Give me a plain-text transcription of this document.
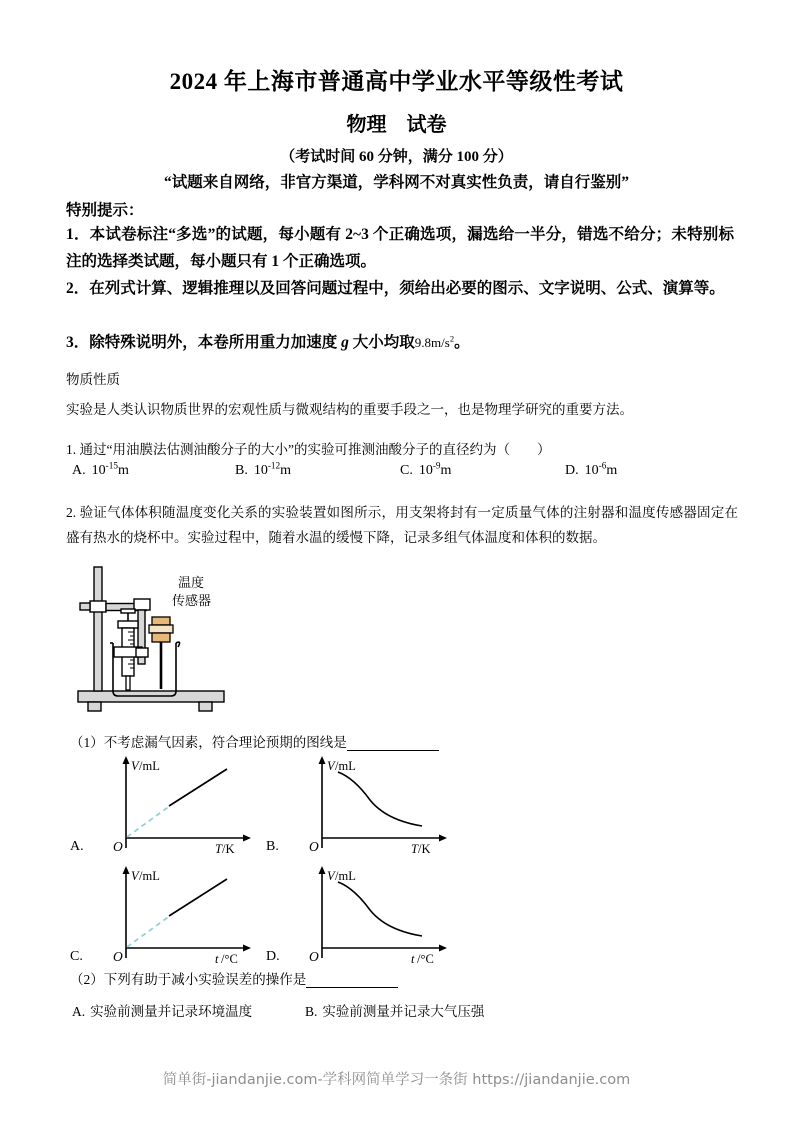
2024 年上海市普通高中学业水平等级性考试
物理　试卷
（考试时间 60 分钟，满分 100 分）
“试题来自网络，非官方渠道，学科网不对真实性负责，请自行鉴别”
特别提示：
1．本试卷标注“多选”的试题，每小题有 2~3 个正确选项，漏选给一半分，错选不给分；未特别标注的选择类试题，每小题只有 1 个正确选项。
2．在列式计算、逻辑推理以及回答问题过程中，须给出必要的图示、文字说明、公式、演算等。
3．除特殊说明外，本卷所用重力加速度 g 大小均取$9.8m/s^2$。
物质性质
实验是人类认识物质世界的宏观性质与微观结构的重要手段之一，也是物理学研究的重要方法。
1. 通过“用油膜法估测油酸分子的大小”的实验可推测油酸分子的直径约为（　　）
A. $10^{-15}m$	B. $10^{-12}m$	C. $10^{-9}m$	D. $10^{-6}m$
2. 验证气体体积随温度变化关系的实验装置如图所示，用支架将封有一定质量气体的注射器和温度传感器固定在盛有热水的烧杯中。实验过程中，随着水温的缓慢下降，记录多组气体温度和体积的数据。
温度
传感器
（1）不考虑漏气因素，符合理论预期的图线是
A.
V /mL
T /K
O	B.
V /mL
T /K
O
C.
V /mL
t /°C
O	D.
V /mL
t /°C
O
（2）下列有助于减小实验误差的操作是
A. 实验前测量并记录环境温度	B. 实验前测量并记录大气压强
简单街-jiandanjie.com-学科网简单学习一条街 https://jiandanjie.com
